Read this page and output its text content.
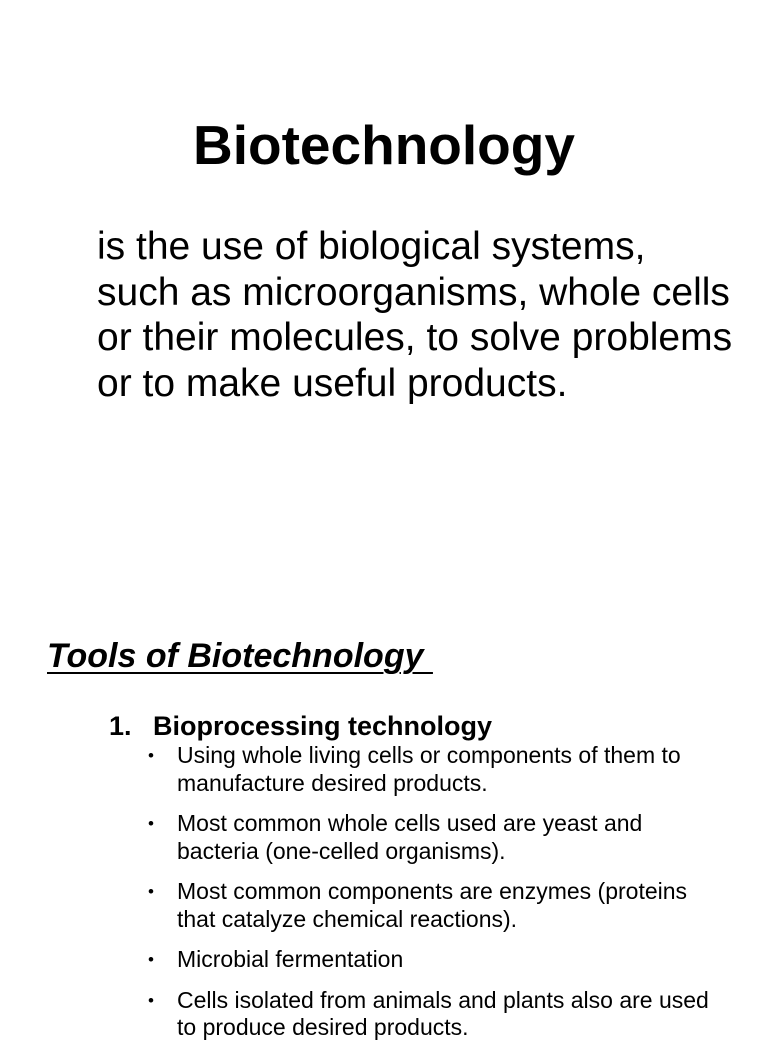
Biotechnology

is the use of biological systems, such as microorganisms, whole cells or their molecules, to solve problems or to make useful products.

Tools of Biotechnology
1. Bioprocessing technology
• Using whole living cells or components of them to manufacture desired products.
• Most common whole cells used are yeast and bacteria (one-celled organisms).
• Most common components are enzymes (proteins that catalyze chemical reactions).
• Microbial fermentation
• Cells isolated from animals and plants also are used to produce desired products.
